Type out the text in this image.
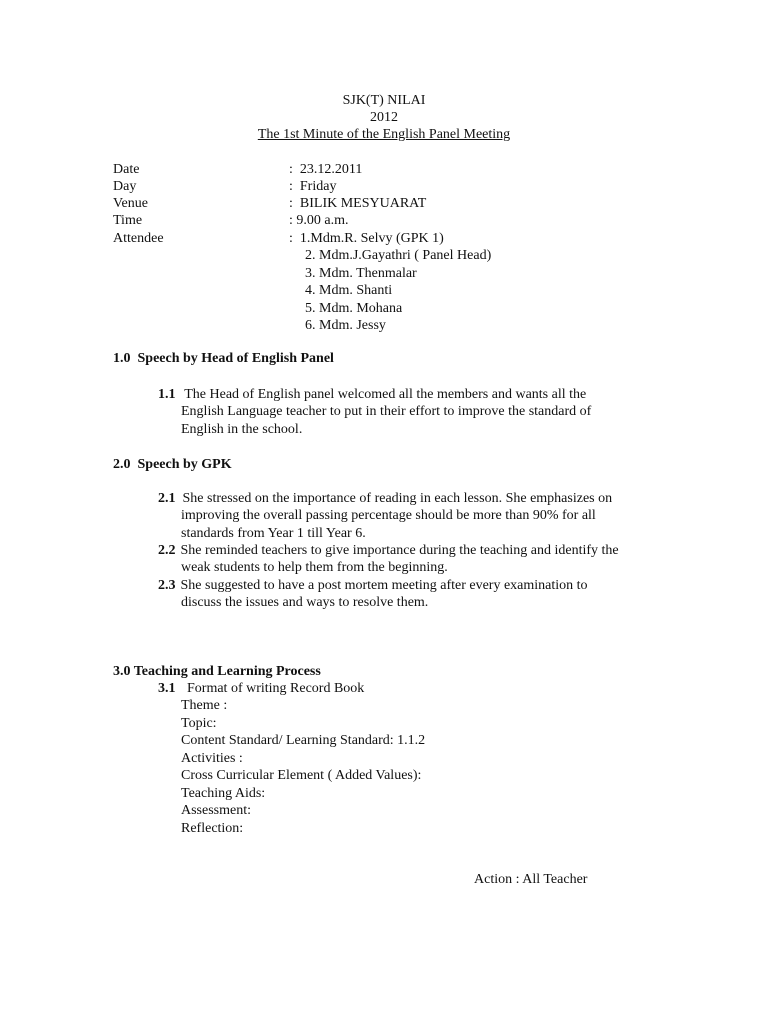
SJK(T) NILAI
2012
The 1st Minute of the English Panel Meeting
Date	:  23.12.2011
Day	:  Friday
Venue	:  BILIK MESYUARAT
Time	: 9.00 a.m.
Attendee	:  1.Mdm.R. Selvy (GPK 1)
2. Mdm.J.Gayathri ( Panel Head)
3. Mdm. Thenmalar
4. Mdm. Shanti
5. Mdm. Mohana
6. Mdm. Jessy
1.0  Speech by Head of English Panel
1.1 The Head of English panel welcomed all the members and wants all the
English Language teacher to put in their effort to improve the standard of
English in the school.
2.0  Speech by GPK
2.1 She stressed on the importance of reading in each lesson. She emphasizes on
improving the overall passing percentage should be more than 90% for all
standards from Year 1 till Year 6.
2.2 She reminded teachers to give importance during the teaching and identify the
weak students to help them from the beginning.
2.3 She suggested to have a post mortem meeting after every examination to
discuss the issues and ways to resolve them.
3.0 Teaching and Learning Process
3.1 Format of writing Record Book
Theme :
Topic:
Content Standard/ Learning Standard: 1.1.2
Activities :
Cross Curricular Element ( Added Values):
Teaching Aids:
Assessment:
Reflection:
Action : All Teacher
